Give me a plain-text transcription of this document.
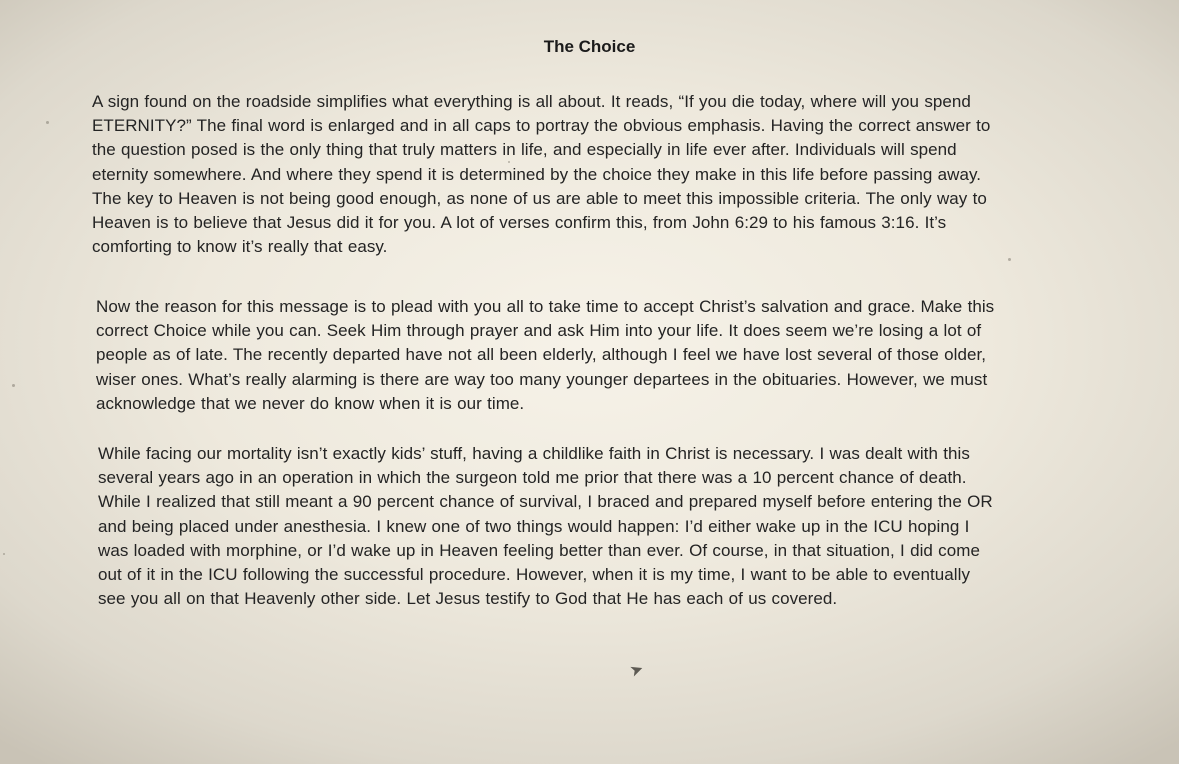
The Choice

A sign found on the roadside simplifies what everything is all about. It reads, “If you die today, where will you spend
ETERNITY?” The final word is enlarged and in all caps to portray the obvious emphasis. Having the correct answer to
the question posed is the only thing that truly matters in life, and especially in life ever after. Individuals will spend
eternity somewhere. And where they spend it is determined by the choice they make in this life before passing away.
The key to Heaven is not being good enough, as none of us are able to meet this impossible criteria. The only way to
Heaven is to believe that Jesus did it for you. A lot of verses confirm this, from John 6:29 to his famous 3:16. It’s
comforting to know it’s really that easy.

Now the reason for this message is to plead with you all to take time to accept Christ’s salvation and grace. Make this
correct Choice while you can. Seek Him through prayer and ask Him into your life. It does seem we’re losing a lot of
people as of late. The recently departed have not all been elderly, although I feel we have lost several of those older,
wiser ones. What’s really alarming is there are way too many younger departees in the obituaries. However, we must
acknowledge that we never do know when it is our time.

While facing our mortality isn’t exactly kids’ stuff, having a childlike faith in Christ is necessary. I was dealt with this
several years ago in an operation in which the surgeon told me prior that there was a 10 percent chance of death.
While I realized that still meant a 90 percent chance of survival, I braced and prepared myself before entering the OR
and being placed under anesthesia. I knew one of two things would happen: I’d either wake up in the ICU hoping I
was loaded with morphine, or I’d wake up in Heaven feeling better than ever. Of course, in that situation, I did come
out of it in the ICU following the successful procedure. However, when it is my time, I want to be able to eventually
see you all on that Heavenly other side. Let Jesus testify to God that He has each of us covered.

➤
